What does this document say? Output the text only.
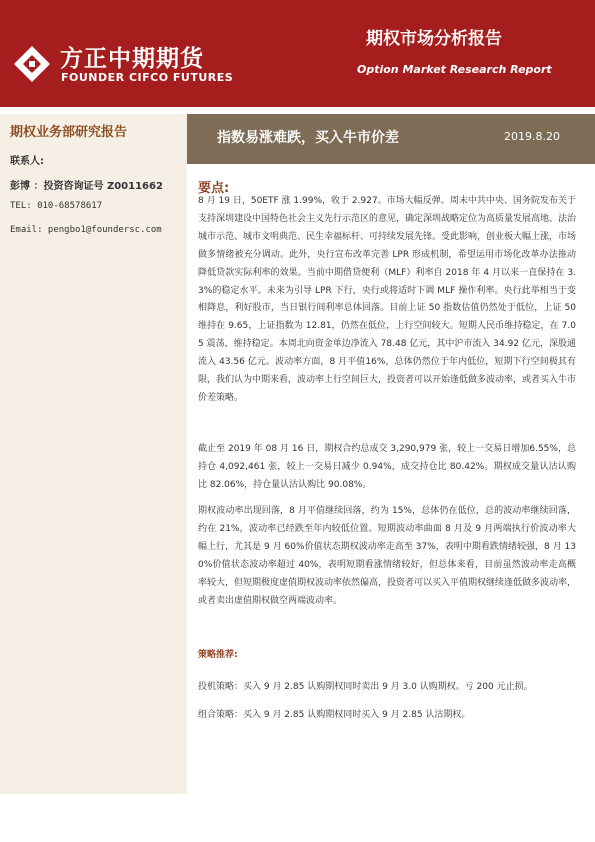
方正中期期货
FOUNDER CIFCO FUTURES
期权市场分析报告
Option Market Research Report
期权业务部研究报告
联系人:
彭博 ：投资咨询证号 Z0011662
TEL: 010-68578617
Email: pengbo1@foundersc.com
指数易涨难跌，买入牛市价差	2019.8.20
要点:

8 月 19 日，50ETF 涨 1.99%，收于 2.927。市场大幅反弹。周末中共中央、国务院发布关于支持深圳建设中国特色社会主义先行示范区的意见，确定深圳战略定位为高质量发展高地、法治城市示范、城市文明典范、民生幸福标杆、可持续发展先锋。受此影响，创业板大幅上涨，市场做多情绪被充分调动。此外，央行宣布改革完善 LPR 形成机制，希望运用市场化改革办法推动降低贷款实际利率的效果。当前中期借贷便利（MLF）利率自 2018 年 4 月以来一直保持在 3.3%的稳定水平。未来为引导 LPR 下行，央行或将适时下调 MLF 操作利率。央行此举相当于变相降息，利好股市，当日银行间利率总体回落。目前上证 50 指数估值仍然处于低位，上证 50 维持在 9.65，上证指数为 12.81，仍然在低位，上行空间较大。短期人民币维持稳定，在 7.05 震荡，维持稳定。本周北向资金单边净流入 78.48 亿元，其中沪市流入 34.92 亿元，深股通流入 43.56 亿元。波动率方面，8 月平值16%，总体仍然位于年内低位，短期下行空间极其有限，我们认为中期来看，波动率上行空间巨大，投资者可以开始逢低做多波动率，或者买入牛市价差策略。

截止至 2019 年 08 月 16 日，期权合约总成交 3,290,979 张，较上一交易日增加6.55%，总持仓 4,092,461 张，较上一交易日减少 0.94%，成交持仓比 80.42%。期权成交量认沽认购比 82.06%，持仓量认沽认购比 90.08%。

期权波动率出现回落，8 月平值继续回落，约为 15%，总体仍在低位，总的波动率继续回落，约在 21%，波动率已经跌至年内较低位置。短期波动率曲面 8 月及 9 月两端执行价波动率大幅上行，尤其是 9 月 60%价值状态期权波动率走高至 37%，表明中期看跌情绪较强，8 月 130%价值状态波动率超过 40%，表明短期看涨情绪较好，但总体来看，目前虽然波动率走高概率较大，但短期极度虚值期权波动率依然偏高，投资者可以买入平值期权继续逢低做多波动率，或者卖出虚值期权做空两端波动率。

策略推荐:
投机策略：买入 9 月 2.85 认购期权同时卖出 9 月 3.0 认购期权。亏 200 元止损。
组合策略：买入 9 月 2.85 认购期权同时买入 9 月 2.85 认沽期权。
